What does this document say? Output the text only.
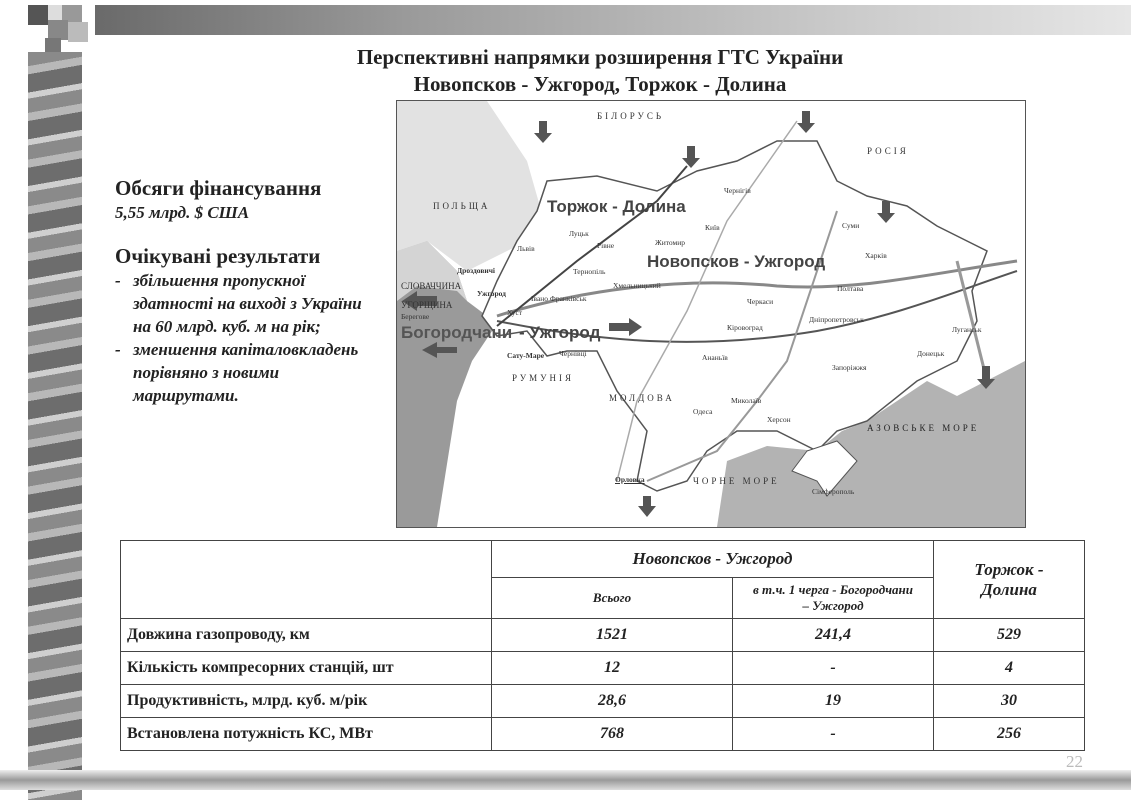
Перспективні напрямки розширення ГТС України
Новопсков - Ужгород, Торжок - Долина
Обсяги фінансування
5,55 млрд. $ США
Очікувані результати
- збільшення пропускної
здатності на виході з України
на 60 млрд. куб. м на рік;
- зменшення капіталовкладень
порівняно з новими
маршрутами.
БІЛОРУСЬ
РОСІЯ
ПОЛЬЩА
СЛОВАЧЧИНА
УГОРЩИНА
Берегове
Богородчани - Ужгород
РУМУНІЯ
МОЛДОВА
ЧОРНЕ МОРЕ
АЗОВСЬКЕ МОРЕ
Торжок - Долина
Новопсков - Ужгород
Луцьк
Рівне
Львів
Дроздовичі
Ужгород
Хуст
Івано Франківськ
Тернопіль
Хмельницький
Житомир
Київ
Чернігів
Суми
Харків
Полтава
Черкаси
Кіровоград
Дніпропетровськ
Луганськ
Донецьк
Запоріжжя
Ананьїв
Одеса
Миколаїв
Херсон
Сімферополь
Орловка
Сату-Маре Чернівці
	Новопсков - Ужгород		Торжок - Долина
	Всього	в т.ч. 1 черга - Богородчани – Ужгород	
Довжина газопроводу, км	1521	241,4	529
Кількість компресорних станцій, шт	12	-	4
Продуктивність, млрд. куб. м/рік	28,6	19	30
Встановлена потужність КС, МВт	768	-	256
22
